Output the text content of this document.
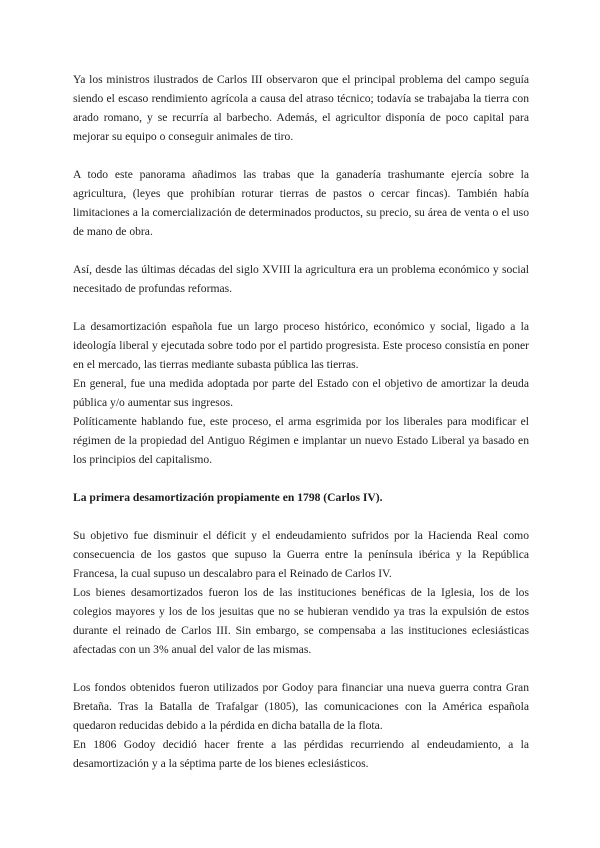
Ya los ministros ilustrados de Carlos III observaron que el principal problema del campo seguía siendo el escaso rendimiento agrícola a causa del atraso técnico; todavía se trabajaba la tierra con arado romano, y se recurría al barbecho. Además, el agricultor disponía de poco capital para mejorar su equipo o conseguir animales de tiro.

A todo este panorama añadimos las trabas que la ganadería trashumante ejercía sobre la agricultura, (leyes que prohibían roturar tierras de pastos o cercar fincas). También había limitaciones a la comercialización de determinados productos, su precio, su área de venta o el uso de mano de obra.

Así, desde las últimas décadas del siglo XVIII la agricultura era un problema económico y social necesitado de profundas reformas.

La desamortización española fue un largo proceso histórico, económico y social, ligado a la ideología liberal y ejecutada sobre todo por el partido progresista. Este proceso consistía en poner en el mercado, las tierras mediante subasta pública las tierras.

En general, fue una medida adoptada por parte del Estado con el objetivo de amortizar la deuda pública y/o aumentar sus ingresos.

Políticamente hablando fue, este proceso, el arma esgrimida por los liberales para modificar el régimen de la propiedad del Antiguo Régimen e implantar un nuevo Estado Liberal ya basado en los principios del capitalismo.

La primera desamortización propiamente en 1798 (Carlos IV).

Su objetivo fue disminuir el déficit y el endeudamiento sufridos por la Hacienda Real como consecuencia de los gastos que supuso la Guerra entre la península ibérica y la República Francesa, la cual supuso un descalabro para el Reinado de Carlos IV.

Los bienes desamortizados fueron los de las instituciones benéficas de la Iglesia, los de los colegios mayores y los de los jesuitas que no se hubieran vendido ya tras la expulsión de estos durante el reinado de Carlos III. Sin embargo, se compensaba a las instituciones eclesiásticas afectadas con un 3% anual del valor de las mismas.

Los fondos obtenidos fueron utilizados por Godoy para financiar una nueva guerra contra Gran Bretaña. Tras la Batalla de Trafalgar (1805), las comunicaciones con la América española quedaron reducidas debido a la pérdida en dicha batalla de la flota.

En 1806 Godoy decidió hacer frente a las pérdidas recurriendo al endeudamiento, a la desamortización y a la séptima parte de los bienes eclesiásticos.
